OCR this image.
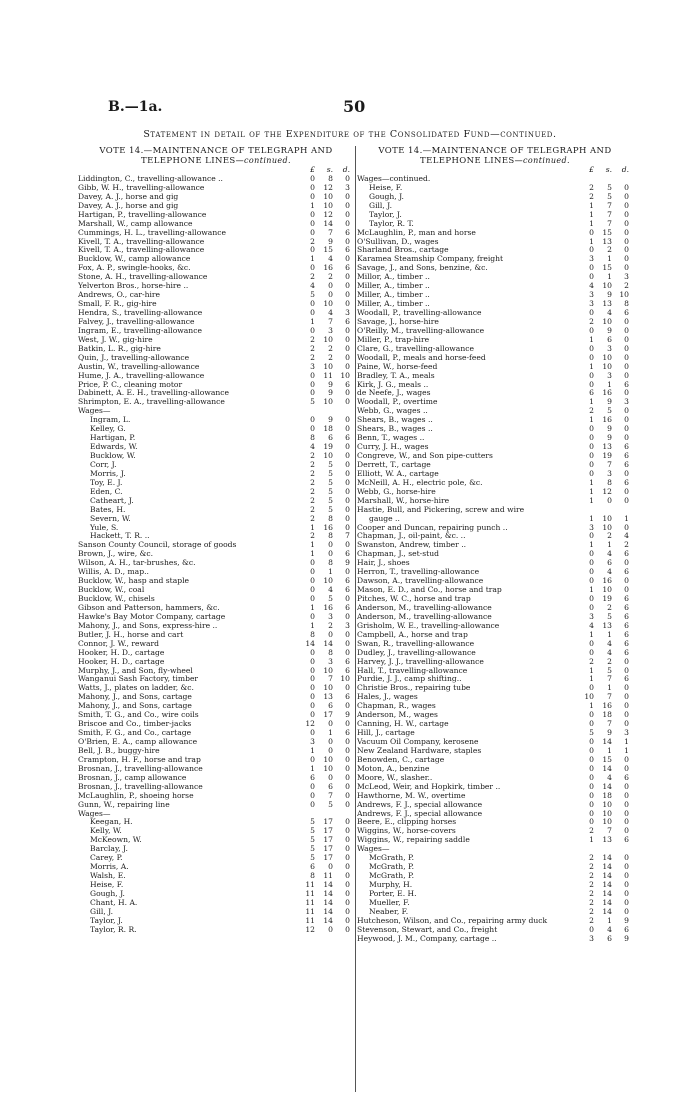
B.—1a.	50
Statement in detail of the Expenditure of the Consolidated Fund—continued.
VOTE 14.—MAINTENANCE OF TELEGRAPH AND
TELEPHONE LINES—continued.
£	s.	d.
Liddington, C., travelling-allowance ..	0	8	0
Gibb, W. H., travelling-allowance	0	12	3
Davey, A. J., horse and gig	0	10	0
Davey, A. J., horse and gig	1	10	0
Hartigan, P., travelling-allowance	0	12	0
Marshall, W., camp allowance	0	14	0
Cummings, H. L., travelling-allowance	0	7	6
Kivell, T. A., travelling-allowance	2	9	0
Kivell, T. A., travelling-allowance	0	15	6
Bucklow, W., camp allowance	1	4	0
Fox, A. P., swingle-hooks, &c.	0	16	6
Stone, A. H., travelling-allowance	2	2	0
Yelverton Bros., horse-hire ..	4	0	0
Andrews, O., car-hire	5	0	0
Small, F. R., gig-hire	0	10	0
Hendra, S., travelling-allowance	0	4	3
Falvey, J., travelling-allowance	1	7	6
Ingram, E., travelling-allowance	0	3	0
West, J. W., gig-hire	2	10	0
Batkin, L. R., gig-hire	2	2	0
Quin, J., travelling-allowance	2	2	0
Austin, W., travelling-allowance	3	10	0
Hume, J. A., travelling-allowance	0	11 10
Price, P. C., cleaning motor	0	9	6
Dabinett, A. E. H., travelling-allowance	0	9	0
Shrimpton, E. A., travelling-allowance	5	10	0
Wages—
Ingram, L.	0	9	0
Kelley, G.	0	18	0
Hartigan, P.	8	6	6
Edwards, W.	4	19	0
Bucklow, W.	2	10	0
Corr, J.	2	5	0
Morris, J.	2	5	0
Toy, E. J.	2	5	0
Eden, C.	2	5	0
Catheart, J.	2	5	0
Bates, H.	2	5	0
Severn, W.	2	8	0
Yule, S.	1	16	0
Hackett, T. R. ..	2	8	7
Sanson County Council, storage of goods	1	0	0
Brown, J., wire, &c.	1	0	6
Wilson, A. H., tar-brushes, &c.	0	8	9
Willis, A. D., map..	0	1	0
Bucklow, W., hasp and staple	0	10	6
Bucklow, W., coal	0	4	6
Bucklow, W., chisels	0	5	0
Gibson and Patterson, hammers, &c.	1	16	6
Hawke's Bay Motor Company, cartage	0	3	0
Mahony, J., and Sons, express-hire ..	1	2	3
Butler, J. H., horse and cart	8	0	0
Connor, J. W., reward	14	14	0
Hooker, H. D., cartage	0	8	0
Hooker, H. D., cartage	0	3	6
Murphy, J., and Son, fly-wheel	0	10	6
Wanganui Sash Factory, timber	0	7 10
Watts, J., plates on ladder, &c.	0	10	0
Mahony, J., and Sons, cartage	0	13	6
Mahony, J., and Sons, cartage	0	6	0
Smith, T. G., and Co., wire coils	0	17	9
Briscoe and Co., timber-jacks	12	0	0
Smith, F. G., and Co., cartage	0	1	6
O'Brien, E. A., camp allowance	3	0	0
Bell, J. B., buggy-hire	1	0	0
Crampton, H. F., horse and trap	0	10	0
Brosnan, J., travelling-allowance	1	10	0
Brosnan, J., camp allowance	6	0	0
Brosnan, J., travelling-allowance	0	6	0
McLaughlin, P., shoeing horse	0	7	0
Gunn, W., repairing line	0	5	0
Wages—
Keegan, H.	5	17	0
Kelly, W.	5	17	0
McKeown, W.	5	17	0
Barclay, J.	5	17	0
Carey, P.	5	17	0
Morris, A.	6	0	0
Walsh, E.	8	11	0
Heise, F.	11	14	0
Gough, J.	11	14	0
Chant, H. A.	11	14	0
Gill, J.	11	14	0
Taylor, J.	11	14	0
Taylor, R. R.	12	0	0
VOTE 14.—MAINTENANCE OF TELEGRAPH AND
TELEPHONE LINES—continued.
£	s.	d.
Wages—continued.
Heise, F.	2	5	0
Gough, J.	2	5	0
Gill, J.	1	7	0
Taylor, J.	1	7	0
Taylor, R. T.	1	7	0
McLaughlin, P., man and horse	0	15	0
O'Sullivan, D., wages	1	13	0
Sharland Bros., cartage	0	2	0
Karamea Steamship Company, freight	3	1	0
Savage, J., and Sons, benzine, &c.	0	15	0
Millor, A., timber ..	0	1	3
Miller, A., timber ..	4	10	2
Miller, A., timber ..	3	9 10
Miller, A., timber ..	3	13	8
Woodall, P., travelling-allowance	0	4	6
Savage, J., horse-hire	2	10	0
O'Reilly, M., travelling-allowance	0	9	0
Miller, P., trap-hire	1	6	0
Clare, G., travelling-allowance	0	3	0
Woodall, P., meals and horse-feed	0	10	0
Paine, W., horse-feed	1	10	0
Bradley, T. A., meals	0	3	0
Kirk, J. G., meals ..	0	1	6
de Neefe, J., wages	6	16	0
Woodall, P., overtime	1	9	3
Webb, G., wages ..	2	5	0
Shears, B., wages ..	1	16	0
Shears, B., wages ..	0	9	0
Benn, T., wages ..	0	9	0
Curry, J. H., wages	0	13	6
Congreve, W., and Son pipe-cutters	0	19	6
Derrett, T., cartage	0	7	6
Elliott, W. A., cartage	0	3	0
McNeill, A. H., electric pole, &c.	1	8	6
Webb, G., horse-hire	1	12	0
Marshall, W., horse-hire	1	0	0
Hastie, Bull, and Pickering, screw and wire
gauge ..	1	10	1
Cooper and Duncan, repairing punch ..	3	10	0
Chapman, J., oil-paint, &c. ..	0	2	4
Swanston, Andrew, timber ..	1	1	2
Chapman, J., set-stud	0	4	6
Hair, J., shoes	0	6	0
Herron, T., travelling-allowance	0	4	6
Dawson, A., travelling-allowance	0	16	0
Mason, E. D., and Co., horse and trap	1	10	0
Pitches, W. C., horse and trap	0	19	6
Anderson, M., travelling-allowance	0	2	6
Anderson, M., travelling-allowance	3	5	6
Grisholm, W. E., travelling-allowance	4	13	6
Campbell, A., horse and trap	1	1	6
Swan, R., travelling-allowance	0	4	6
Dudley, J., travelling-allowance	0	4	6
Harvey, J. J., travelling-allowance	2	2	0
Hall, T., travelling-allowance	1	5	0
Purdie, J. J., camp shifting..	1	7	6
Christie Bros., repairing tube	0	1	0
Hales, J., wages	10	7	0
Chapman, R., wages	1	16	0
Anderson, M., wages	0	18	0
Canning, H. W., cartage	0	7	0
Hill, J., cartage	5	9	3
Vacuum Oil Company, kerosene	0	14	1
New Zealand Hardware, staples	0	1	1
Benowden, C., cartage	0	15	0
Moton, A., benzine	0	14	0
Moore, W., slasher..	0	4	6
McLeod, Weir, and Hopkirk, timber ..	0	14	0
Hawthorne, M. W., overtime	0	18	0
Andrews, F. J., special allowance	0	10	0
Andrews, F. J., special allowance	0	10	0
Beere, E., clipping horses	0	10	0
Wiggins, W., horse-covers	2	7	0
Wiggins, W., repairing saddle	1	13	6
Wages—
McGrath, P.	2	14	0
McGrath, P.	2	14	0
McGrath, P.	2	14	0
Murphy, H.	2	14	0
Porter, E. H.	2	14	0
Mueller, F.	2	14	0
Neaber, F.	2	14	0
Hutcheson, Wilson, and Co., repairing army duck	2	1	9
Stevenson, Stewart, and Co., freight	0	4	6
Heywood, J. M., Company, cartage ..	3	6	9
